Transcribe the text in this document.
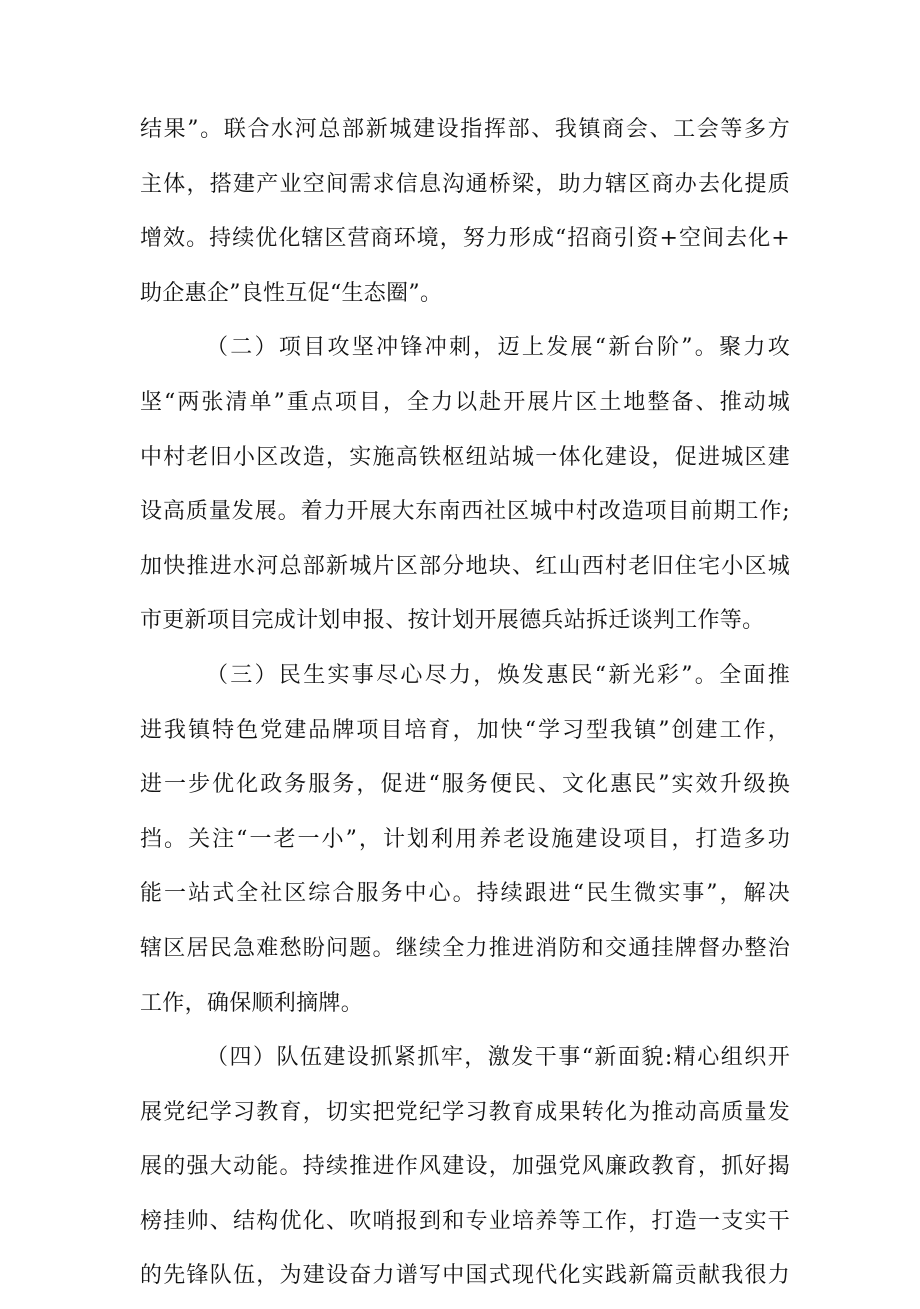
结果”。联合水河总部新城建设指挥部、我镇商会、工会等多方
主体，搭建产业空间需求信息沟通桥梁，助力辖区商办去化提质
增效。持续优化辖区营商环境，努力形成“招商引资+空间去化+
助企惠企”良性互促“生态圈”。
（二）项目攻坚冲锋冲刺，迈上发展“新台阶”。聚力攻
坚“两张清单”重点项目，全力以赴开展片区土地整备、推动城
中村老旧小区改造，实施高铁枢纽站城一体化建设，促进城区建
设高质量发展。着力开展大东南西社区城中村改造项目前期工作;
加快推进水河总部新城片区部分地块、红山西村老旧住宅小区城
市更新项目完成计划申报、按计划开展德兵站拆迁谈判工作等。
（三）民生实事尽心尽力，焕发惠民“新光彩”。全面推
进我镇特色党建品牌项目培育，加快“学习型我镇”创建工作，
进一步优化政务服务，促进“服务便民、文化惠民”实效升级换
挡。关注“一老一小”，计划利用养老设施建设项目，打造多功
能一站式全社区综合服务中心。持续跟进“民生微实事”，解决
辖区居民急难愁盼问题。继续全力推进消防和交通挂牌督办整治
工作，确保顺利摘牌。
（四）队伍建设抓紧抓牢，激发干事“新面貌:精心组织开
展党纪学习教育，切实把党纪学习教育成果转化为推动高质量发
展的强大动能。持续推进作风建设，加强党风廉政教育，抓好揭
榜挂帅、结构优化、吹哨报到和专业培养等工作，打造一支实干
的先锋队伍，为建设奋力谱写中国式现代化实践新篇贡献我很力
